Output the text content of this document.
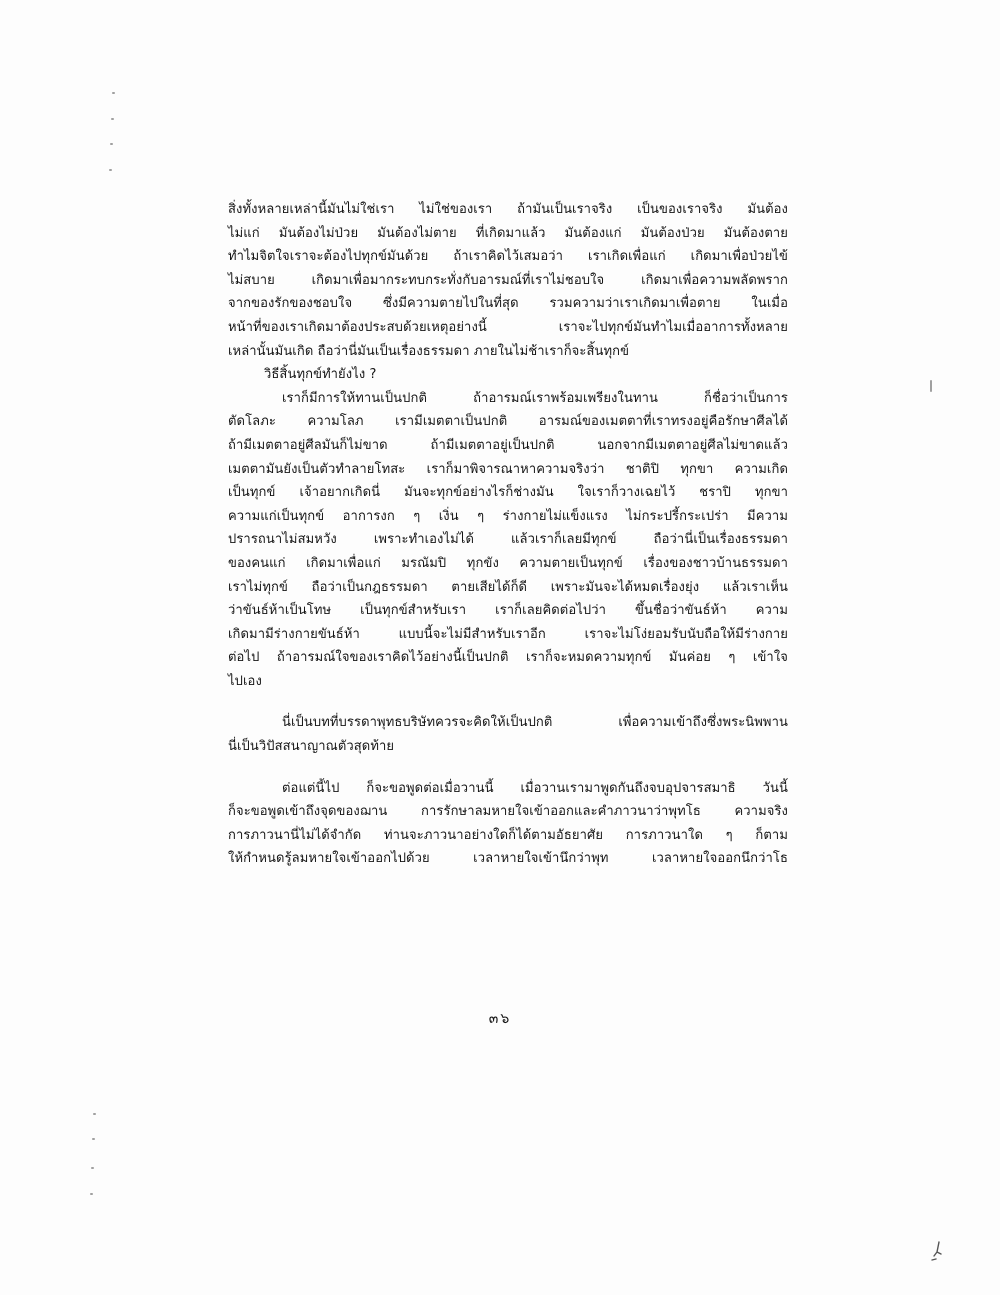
สิ่งทั้งหลายเหล่านี้มันไม่ใช่เรา ไม่ใช่ของเรา ถ้ามันเป็นเราจริง เป็นของเราจริง มันต้อง
ไม่แก่ มันต้องไม่ป่วย มันต้องไม่ตาย ที่เกิดมาแล้ว มันต้องแก่ มันต้องป่วย มันต้องตาย
ทำไมจิตใจเราจะต้องไปทุกข์มันด้วย ถ้าเราคิดไว้เสมอว่า เราเกิดเพื่อแก่ เกิดมาเพื่อป่วยไข้
ไม่สบาย เกิดมาเพื่อมากระทบกระทั่งกับอารมณ์ที่เราไม่ชอบใจ เกิดมาเพื่อความพลัดพราก
จากของรักของชอบใจ ซึ่งมีความตายไปในที่สุด รวมความว่าเราเกิดมาเพื่อตาย ในเมื่อ
หน้าที่ของเราเกิดมาต้องประสบด้วยเหตุอย่างนี้ เราจะไปทุกข์มันทำไมเมื่ออาการทั้งหลาย
เหล่านั้นมันเกิด ถือว่านี่มันเป็นเรื่องธรรมดา ภายในไม่ช้าเราก็จะสิ้นทุกข์
วิธีสิ้นทุกข์ทำยังไง ?
เราก็มีการให้ทานเป็นปกติ ถ้าอารมณ์เราพร้อมเพรียงในทาน ก็ชื่อว่าเป็นการ
ตัดโลภะ ความโลภ เรามีเมตตาเป็นปกติ อารมณ์ของเมตตาที่เราทรงอยู่คือรักษาศีลได้
ถ้ามีเมตตาอยู่ศีลมันก็ไม่ขาด ถ้ามีเมตตาอยู่เป็นปกติ นอกจากมีเมตตาอยู่ศีลไม่ขาดแล้ว
เมตตามันยังเป็นตัวทำลายโทสะ เราก็มาพิจารณาหาความจริงว่า ชาติปิ ทุกขา ความเกิด
เป็นทุกข์ เจ้าอยากเกิดนี่ มันจะทุกข์อย่างไรก็ช่างมัน ใจเราก็วางเฉยไว้ ชราปิ ทุกขา
ความแก่เป็นทุกข์ อาการงก ๆ เงิ่น ๆ ร่างกายไม่แข็งแรง ไม่กระปรี้กระเปร่า มีความ
ปรารถนาไม่สมหวัง เพราะทำเองไม่ได้ แล้วเราก็เลยมีทุกข์ ถือว่านี่เป็นเรื่องธรรมดา
ของคนแก่ เกิดมาเพื่อแก่ มรณัมปิ ทุกขัง ความตายเป็นทุกข์ เรื่องของชาวบ้านธรรมดา
เราไม่ทุกข์ ถือว่าเป็นกฎธรรมดา ตายเสียได้ก็ดี เพราะมันจะได้หมดเรื่องยุ่ง แล้วเราเห็น
ว่าขันธ์ห้าเป็นโทษ เป็นทุกข์สำหรับเรา เราก็เลยคิดต่อไปว่า ขึ้นชื่อว่าขันธ์ห้า ความ
เกิดมามีร่างกายขันธ์ห้า แบบนี้จะไม่มีสำหรับเราอีก เราจะไม่โง่ยอมรับนับถือให้มีร่างกาย
ต่อไป ถ้าอารมณ์ใจของเราคิดไว้อย่างนี้เป็นปกติ เราก็จะหมดความทุกข์ มันค่อย ๆ เข้าใจ
ไปเอง
นี่เป็นบทที่บรรดาพุทธบริษัทควรจะคิดให้เป็นปกติ เพื่อความเข้าถึงซึ่งพระนิพพาน
นี่เป็นวิปัสสนาญาณตัวสุดท้าย
ต่อแต่นี้ไป ก็จะขอพูดต่อเมื่อวานนี้ เมื่อวานเรามาพูดกันถึงจบอุปจารสมาธิ วันนี้
ก็จะขอพูดเข้าถึงจุดของฌาน การรักษาลมหายใจเข้าออกและคำภาวนาว่าพุทโธ ความจริง
การภาวนานี่ไม่ได้จำกัด ท่านจะภาวนาอย่างใดก็ได้ตามอัธยาศัย การภาวนาใด ๆ ก็ตาม
ให้กำหนดรู้ลมหายใจเข้าออกไปด้วย เวลาหายใจเข้านึกว่าพุท เวลาหายใจออกนึกว่าโธ
๓๖
